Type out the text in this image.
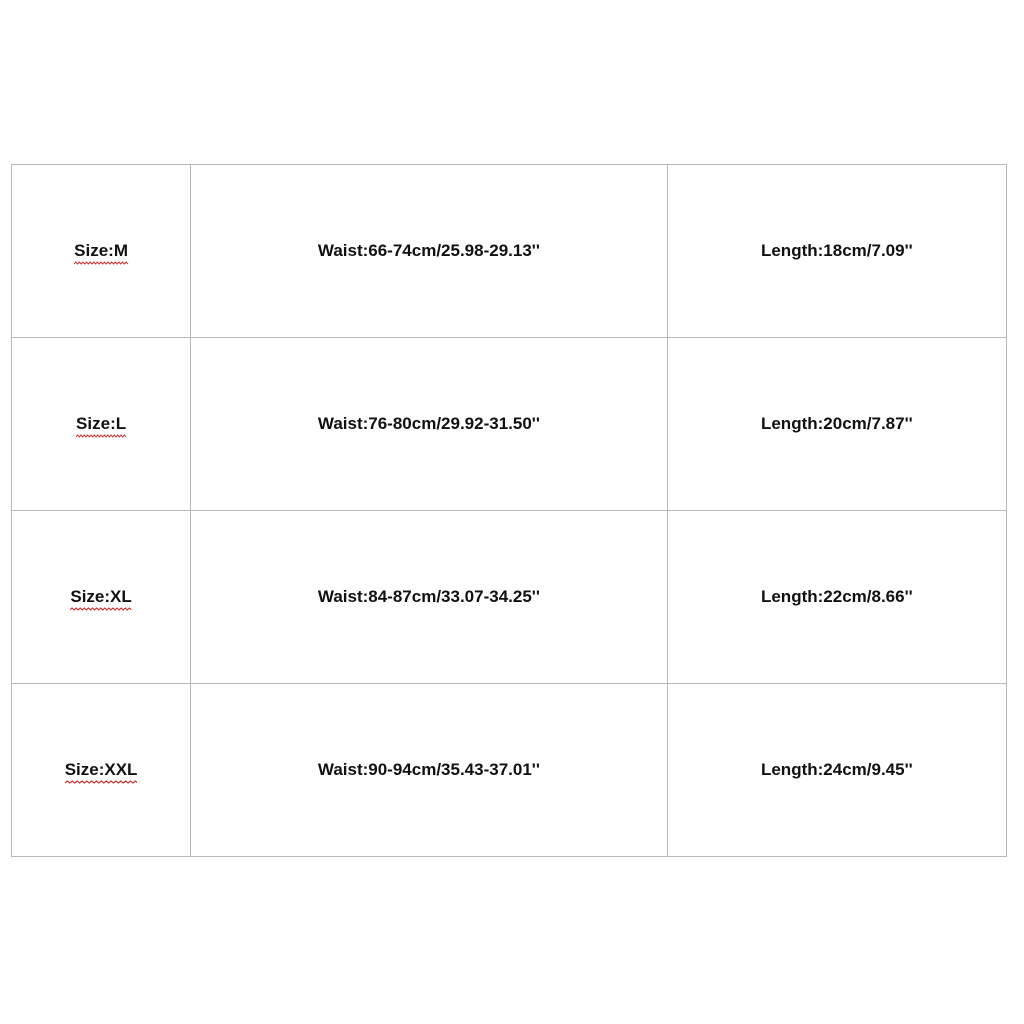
Size:M	Waist:66-74cm/25.98-29.13''	Length:18cm/7.09''
Size:L	Waist:76-80cm/29.92-31.50''	Length:20cm/7.87''
Size:XL	Waist:84-87cm/33.07-34.25''	Length:22cm/8.66''
Size:XXL	Waist:90-94cm/35.43-37.01''	Length:24cm/9.45''
